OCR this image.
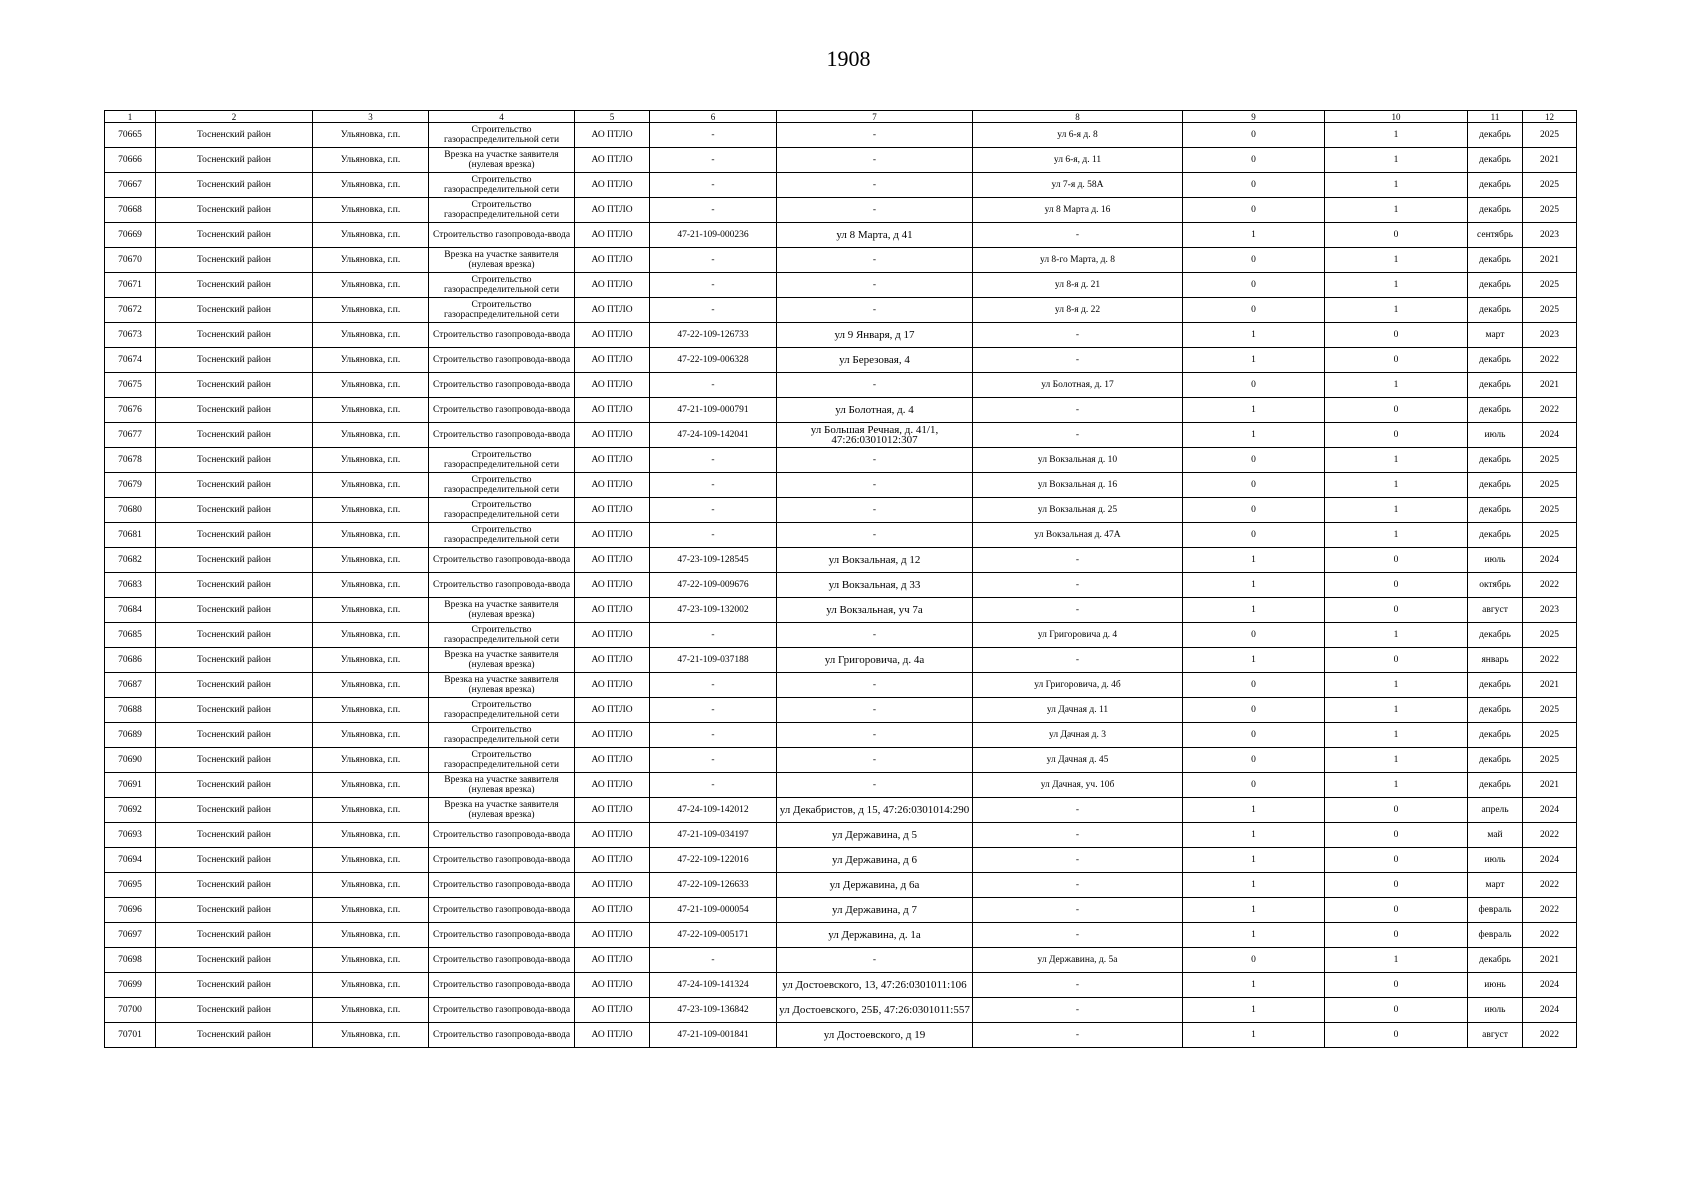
1908
1	2	3	4	5	6	7	8	9	10	11	12
70665	Тосненский район	Ульяновка, г.п.	Строительство газораспределительной сети	АО ПТЛО	-	-	ул 6-я д. 8	0	1	декабрь	2025
70666	Тосненский район	Ульяновка, г.п.	Врезка на участке заявителя (нулевая врезка)	АО ПТЛО	-	-	ул 6-я, д. 11	0	1	декабрь	2021
70667	Тосненский район	Ульяновка, г.п.	Строительство газораспределительной сети	АО ПТЛО	-	-	ул 7-я д. 58А	0	1	декабрь	2025
70668	Тосненский район	Ульяновка, г.п.	Строительство газораспределительной сети	АО ПТЛО	-	-	ул 8 Марта д. 16	0	1	декабрь	2025
70669	Тосненский район	Ульяновка, г.п.	Строительство газопровода-ввода	АО ПТЛО	47-21-109-000236	ул 8 Марта, д 41	-	1	0	сентябрь	2023
70670	Тосненский район	Ульяновка, г.п.	Врезка на участке заявителя (нулевая врезка)	АО ПТЛО	-	-	ул 8-го Марта, д. 8	0	1	декабрь	2021
70671	Тосненский район	Ульяновка, г.п.	Строительство газораспределительной сети	АО ПТЛО	-	-	ул 8-я д. 21	0	1	декабрь	2025
70672	Тосненский район	Ульяновка, г.п.	Строительство газораспределительной сети	АО ПТЛО	-	-	ул 8-я д. 22	0	1	декабрь	2025
70673	Тосненский район	Ульяновка, г.п.	Строительство газопровода-ввода	АО ПТЛО	47-22-109-126733	ул 9 Января, д 17	-	1	0	март	2023
70674	Тосненский район	Ульяновка, г.п.	Строительство газопровода-ввода	АО ПТЛО	47-22-109-006328	ул Березовая, 4	-	1	0	декабрь	2022
70675	Тосненский район	Ульяновка, г.п.	Строительство газопровода-ввода	АО ПТЛО	-	-	ул Болотная, д. 17	0	1	декабрь	2021
70676	Тосненский район	Ульяновка, г.п.	Строительство газопровода-ввода	АО ПТЛО	47-21-109-000791	ул Болотная, д. 4	-	1	0	декабрь	2022
70677	Тосненский район	Ульяновка, г.п.	Строительство газопровода-ввода	АО ПТЛО	47-24-109-142041	ул Большая Речная, д. 41/1, 47:26:0301012:307	-	1	0	июль	2024
70678	Тосненский район	Ульяновка, г.п.	Строительство газораспределительной сети	АО ПТЛО	-	-	ул Вокзальная д. 10	0	1	декабрь	2025
70679	Тосненский район	Ульяновка, г.п.	Строительство газораспределительной сети	АО ПТЛО	-	-	ул Вокзальная д. 16	0	1	декабрь	2025
70680	Тосненский район	Ульяновка, г.п.	Строительство газораспределительной сети	АО ПТЛО	-	-	ул Вокзальная д. 25	0	1	декабрь	2025
70681	Тосненский район	Ульяновка, г.п.	Строительство газораспределительной сети	АО ПТЛО	-	-	ул Вокзальная д. 47А	0	1	декабрь	2025
70682	Тосненский район	Ульяновка, г.п.	Строительство газопровода-ввода	АО ПТЛО	47-23-109-128545	ул Вокзальная, д 12	-	1	0	июль	2024
70683	Тосненский район	Ульяновка, г.п.	Строительство газопровода-ввода	АО ПТЛО	47-22-109-009676	ул Вокзальная, д 33	-	1	0	октябрь	2022
70684	Тосненский район	Ульяновка, г.п.	Врезка на участке заявителя (нулевая врезка)	АО ПТЛО	47-23-109-132002	ул Вокзальная, уч 7а	-	1	0	август	2023
70685	Тосненский район	Ульяновка, г.п.	Строительство газораспределительной сети	АО ПТЛО	-	-	ул Григоровича д. 4	0	1	декабрь	2025
70686	Тосненский район	Ульяновка, г.п.	Врезка на участке заявителя (нулевая врезка)	АО ПТЛО	47-21-109-037188	ул Григоровича, д. 4а	-	1	0	январь	2022
70687	Тосненский район	Ульяновка, г.п.	Врезка на участке заявителя (нулевая врезка)	АО ПТЛО	-	-	ул Григоровича, д. 4б	0	1	декабрь	2021
70688	Тосненский район	Ульяновка, г.п.	Строительство газораспределительной сети	АО ПТЛО	-	-	ул Дачная д. 11	0	1	декабрь	2025
70689	Тосненский район	Ульяновка, г.п.	Строительство газораспределительной сети	АО ПТЛО	-	-	ул Дачная д. 3	0	1	декабрь	2025
70690	Тосненский район	Ульяновка, г.п.	Строительство газораспределительной сети	АО ПТЛО	-	-	ул Дачная д. 45	0	1	декабрь	2025
70691	Тосненский район	Ульяновка, г.п.	Врезка на участке заявителя (нулевая врезка)	АО ПТЛО	-	-	ул Дачная, уч. 10б	0	1	декабрь	2021
70692	Тосненский район	Ульяновка, г.п.	Врезка на участке заявителя (нулевая врезка)	АО ПТЛО	47-24-109-142012	ул Декабристов, д 15, 47:26:0301014:290	-	1	0	апрель	2024
70693	Тосненский район	Ульяновка, г.п.	Строительство газопровода-ввода	АО ПТЛО	47-21-109-034197	ул Державина, д 5	-	1	0	май	2022
70694	Тосненский район	Ульяновка, г.п.	Строительство газопровода-ввода	АО ПТЛО	47-22-109-122016	ул Державина, д 6	-	1	0	июль	2024
70695	Тосненский район	Ульяновка, г.п.	Строительство газопровода-ввода	АО ПТЛО	47-22-109-126633	ул Державина, д 6а	-	1	0	март	2022
70696	Тосненский район	Ульяновка, г.п.	Строительство газопровода-ввода	АО ПТЛО	47-21-109-000054	ул Державина, д 7	-	1	0	февраль	2022
70697	Тосненский район	Ульяновка, г.п.	Строительство газопровода-ввода	АО ПТЛО	47-22-109-005171	ул Державина, д. 1а	-	1	0	февраль	2022
70698	Тосненский район	Ульяновка, г.п.	Строительство газопровода-ввода	АО ПТЛО	-	-	ул Державина, д. 5а	0	1	декабрь	2021
70699	Тосненский район	Ульяновка, г.п.	Строительство газопровода-ввода	АО ПТЛО	47-24-109-141324	ул Достоевского, 13, 47:26:0301011:106	-	1	0	июнь	2024
70700	Тосненский район	Ульяновка, г.п.	Строительство газопровода-ввода	АО ПТЛО	47-23-109-136842	ул Достоевского, 25Б, 47:26:0301011:557	-	1	0	июль	2024
70701	Тосненский район	Ульяновка, г.п.	Строительство газопровода-ввода	АО ПТЛО	47-21-109-001841	ул Достоевского, д 19	-	1	0	август	2022
